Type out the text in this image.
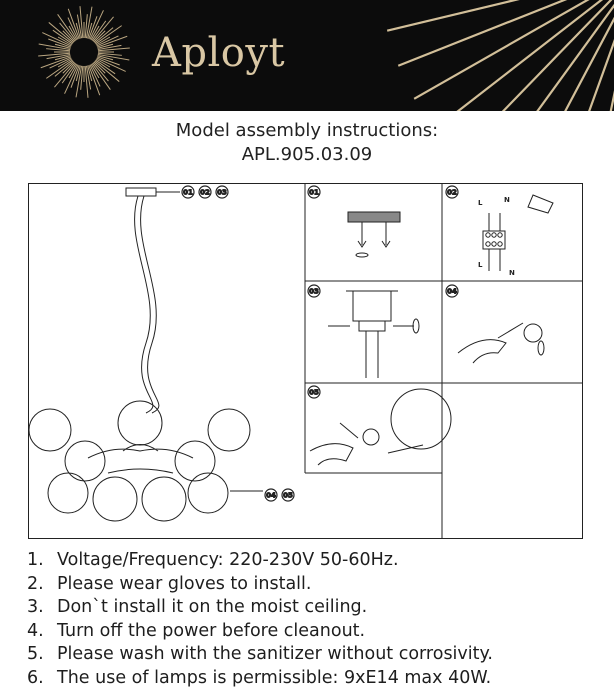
Aployt
Model assembly instructions:
APL.905.03.09
01 02 03
04 05
01	02
03	04
05
L	N
L
N
1. Voltage/Frequency: 220-230V 50-60Hz.
2. Please wear gloves to install.
3. Don`t install it on the moist ceiling.
4. Turn off the power before cleanout.
5. Please wash with the sanitizer without corrosivity.
6. The use of lamps is permissible: 9xE14 max 40W.
